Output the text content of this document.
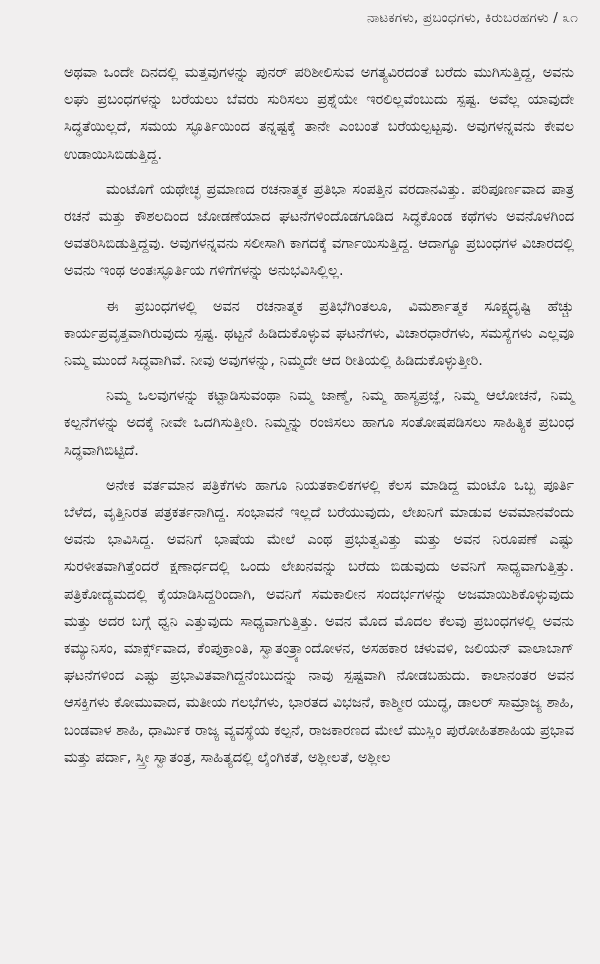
ನಾಟಕಗಳು, ಪ್ರಬಂಧಗಳು, ಕಿರುಬರಹಗಳು / ೩೧

ಅಥವಾ ಒಂದೇ ದಿನದಲ್ಲಿ ಮತ್ತವುಗಳನ್ನು ಪುನರ್ ಪರಿಶೀಲಿಸುವ ಅಗತ್ಯವಿರದಂತೆ ಬರೆದು ಮುಗಿಸುತ್ತಿದ್ದ, ಅವನು ಲಘು ಪ್ರಬಂಧಗಳನ್ನು ಬರೆಯಲು ಬೆವರು ಸುರಿಸಲು ಪ್ರಶ್ನೆಯೇ ಇರಲಿಲ್ಲವೆಂಬುದು ಸ್ಪಷ್ಟ. ಅವೆಲ್ಲ ಯಾವುದೇ ಸಿದ್ಧತೆಯಿಲ್ಲದೆ, ಸಮಯ ಸ್ಫೂರ್ತಿಯಿಂದ ತನ್ನಷ್ಟಕ್ಕೆ ತಾನೇ ಎಂಬಂತೆ ಬರೆಯಲ್ಪಟ್ಟವು. ಅವುಗಳನ್ನವನು ಕೇವಲ ಉಡಾಯಿಸಿಬಿಡುತ್ತಿದ್ದ.

ಮಂಟೊಗೆ ಯಥೇಚ್ಛ ಪ್ರಮಾಣದ ರಚನಾತ್ಮಕ ಪ್ರತಿಭಾ ಸಂಪತ್ತಿನ ವರದಾನವಿತ್ತು. ಪರಿಪೂರ್ಣವಾದ ಪಾತ್ರ ರಚನೆ ಮತ್ತು ಕೌಶಲದಿಂದ ಜೋಡಣೆಯಾದ ಘಟನೆಗಳಿಂದೊಡಗೂಡಿದ ಸಿದ್ಧಕೊಂಡ ಕಥೆಗಳು ಅವನೊಳಗಿಂದ ಅವತರಿಸಿಬಿಡುತ್ತಿದ್ದವು. ಅವುಗಳನ್ನವನು ಸಲೀಸಾಗಿ ಕಾಗದಕ್ಕೆ ವರ್ಗಾಯಿಸುತ್ತಿದ್ದ. ಆದಾಗ್ಯೂ ಪ್ರಬಂಧಗಳ ವಿಚಾರದಲ್ಲಿ ಅವನು ಇಂಥ ಅಂತಃಸ್ಫೂರ್ತಿಯ ಗಳಿಗೆಗಳನ್ನು ಅನುಭವಿಸಿಲ್ಲಿಲ್ಲ.

ಈ ಪ್ರಬಂಧಗಳಲ್ಲಿ ಅವನ ರಚನಾತ್ಮಕ ಪ್ರತಿಭೆಗಿಂತಲೂ, ವಿಮರ್ಶಾತ್ಮಕ ಸೂಕ್ಷ್ಮದೃಷ್ಟಿ ಹೆಚ್ಚು ಕಾರ್ಯಪ್ರವೃತ್ತವಾಗಿರುವುದು ಸ್ಪಷ್ಟ. ಥಟ್ಟನೆ ಹಿಡಿದುಕೊಳ್ಳುವ ಘಟನೆಗಳು, ವಿಚಾರಧಾರೆಗಳು, ಸಮಸ್ಯೆಗಳು ಎಲ್ಲವೂ ನಿಮ್ಮ ಮುಂದೆ ಸಿದ್ಧವಾಗಿವೆ. ನೀವು ಅವುಗಳನ್ನು, ನಿಮ್ಮದೇ ಆದ ರೀತಿಯಲ್ಲಿ ಹಿಡಿದುಕೊಳ್ಳುತ್ತೀರಿ.

ನಿಮ್ಮ ಒಲವುಗಳನ್ನು ಕಟ್ಟಾಡಿಸುವಂಥಾ ನಿಮ್ಮ ಜಾಣ್ಮೆ, ನಿಮ್ಮ ಹಾಸ್ಯಪ್ರಜ್ಞೆ, ನಿಮ್ಮ ಆಲೋಚನೆ, ನಿಮ್ಮ ಕಲ್ಪನೆಗಳನ್ನು ಅದಕ್ಕೆ ನೀವೇ ಒದಗಿಸುತ್ತೀರಿ. ನಿಮ್ಮನ್ನು ರಂಜಿಸಲು ಹಾಗೂ ಸಂತೋಷಪಡಿಸಲು ಸಾಹಿತ್ಯಿಕ ಪ್ರಬಂಧ ಸಿದ್ಧವಾಗಿಬಿಟ್ಟಿದೆ.

ಅನೇಕ ವರ್ತಮಾನ ಪತ್ರಿಕೆಗಳು ಹಾಗೂ ನಿಯತಕಾಲಿಕಗಳಲ್ಲಿ ಕೆಲಸ ಮಾಡಿದ್ದ ಮಂಟೊ ಒಬ್ಬ ಪೂರ್ತಿ ಬೆಳೆದ, ವೃತ್ತಿನಿರತ ಪತ್ರಕರ್ತನಾಗಿದ್ದ. ಸಂಭಾವನೆ ಇಲ್ಲದೆ ಬರೆಯುವುದು, ಲೇಖನಿಗೆ ಮಾಡುವ ಅವಮಾನವೆಂದು ಅವನು ಭಾವಿಸಿದ್ದ. ಅವನಿಗೆ ಭಾಷೆಯ ಮೇಲೆ ಎಂಥ ಪ್ರಭುತ್ವವಿತ್ತು ಮತ್ತು ಅವನ ನಿರೂಪಣೆ ಎಷ್ಟು ಸುರಳೀತವಾಗಿತ್ತೆಂದರೆ ಕ್ಷಣಾರ್ಧದಲ್ಲಿ ಒಂದು ಲೇಖನವನ್ನು ಬರೆದು ಬಿಡುವುದು ಅವನಿಗೆ ಸಾಧ್ಯವಾಗುತ್ತಿತ್ತು. ಪತ್ರಿಕೋದ್ಯಮದಲ್ಲಿ ಕೈಯಾಡಿಸಿದ್ದರಿಂದಾಗಿ, ಅವನಿಗೆ ಸಮಕಾಲೀನ ಸಂದರ್ಭಗಳನ್ನು ಅಜಮಾಯಿಶಿಕೊಳ್ಳುವುದು ಮತ್ತು ಅದರ ಬಗ್ಗೆ ಧ್ವನಿ ಎತ್ತುವುದು ಸಾಧ್ಯವಾಗುತ್ತಿತ್ತು. ಅವನ ಮೊದ ಮೊದಲ ಕೆಲವು ಪ್ರಬಂಧಗಳಲ್ಲಿ ಅವನು ಕಮ್ಯುನಿಸಂ, ಮಾರ್ಕ್ಸ್‌ವಾದ, ಕೆಂಪುಕ್ರಾಂತಿ, ಸ್ವಾತಂತ್ರ್ಯಾಂದೋಳನ, ಅಸಹಕಾರ ಚಳುವಳಿ, ಜಲಿಯನ್ ವಾಲಾಬಾಗ್ ಘಟನೆಗಳಿಂದ ಎಷ್ಟು ಪ್ರಭಾವಿತವಾಗಿದ್ದನೆಂಬುದನ್ನು ನಾವು ಸ್ಪಷ್ಟವಾಗಿ ನೋಡಬಹುದು. ಕಾಲಾನಂತರ ಅವನ ಆಸಕ್ತಿಗಳು ಕೋಮುವಾದ, ಮತೀಯ ಗಲಭೆಗಳು, ಭಾರತದ ವಿಭಜನೆ, ಕಾಶ್ಮೀರ ಯುದ್ಧ, ಡಾಲರ್ ಸಾಮ್ರಾಜ್ಯ ಶಾಹಿ, ಬಂಡವಾಳ ಶಾಹಿ, ಧಾರ್ಮಿಕ ರಾಜ್ಯ ವ್ಯವಸ್ಥೆಯ ಕಲ್ಪನೆ, ರಾಜಕಾರಣದ ಮೇಲೆ ಮುಸ್ಲಿಂ ಪುರೋಹಿತಶಾಹಿಯ ಪ್ರಭಾವ ಮತ್ತು ಪರ್ದಾ, ಸ್ತ್ರೀ ಸ್ವಾತಂತ್ರ, ಸಾಹಿತ್ಯದಲ್ಲಿ ಲೈಂಗಿಕತೆ, ಅಶ್ಲೀಲತೆ, ಅಶ್ಲೀಲ
